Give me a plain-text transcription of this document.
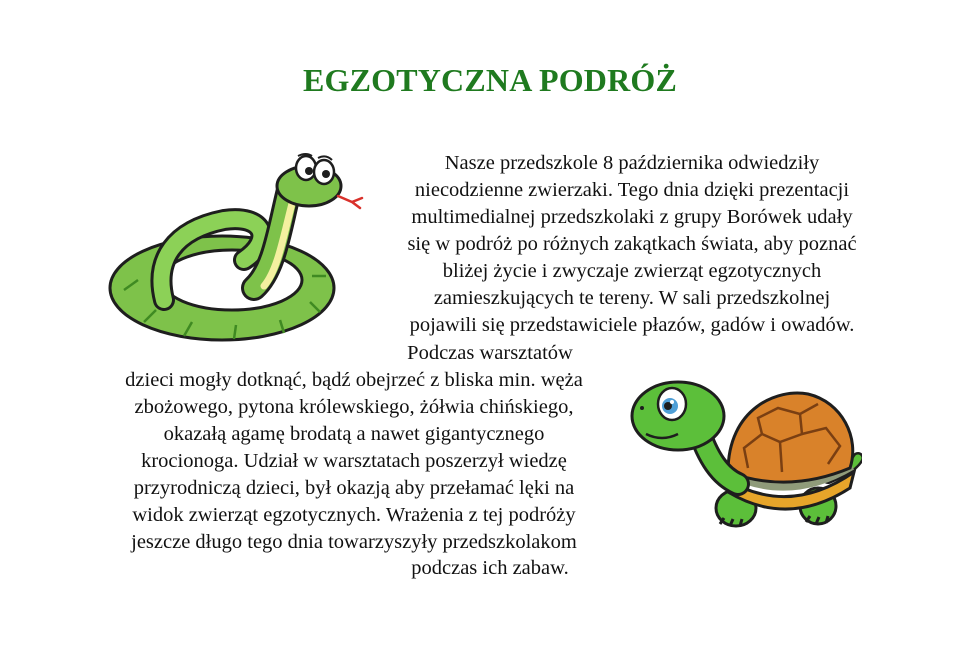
EGZOTYCZNA PODRÓŻ
Nasze przedszkole 8 października odwiedziły
niecodzienne zwierzaki. Tego dnia dzięki prezentacji
multimedialnej przedszkolaki z grupy Borówek udały
się w podróż po różnych zakątkach świata, aby poznać
bliżej życie i zwyczaje zwierząt egzotycznych
zamieszkujących te tereny. W sali przedszkolnej
pojawili się przedstawiciele płazów, gadów i owadów.
Podczas warsztatów
dzieci mogły dotknąć, bądź obejrzeć z bliska min. węża
zbożowego, pytona królewskiego, żółwia chińskiego,
okazałą agamę brodatą a nawet gigantycznego
krocionoga. Udział w warsztatach poszerzył wiedzę
przyrodniczą dzieci, był okazją aby przełamać lęki na
widok zwierząt egzotycznych. Wrażenia z tej podróży
jeszcze długo tego dnia towarzyszyły przedszkolakom
podczas ich zabaw.
